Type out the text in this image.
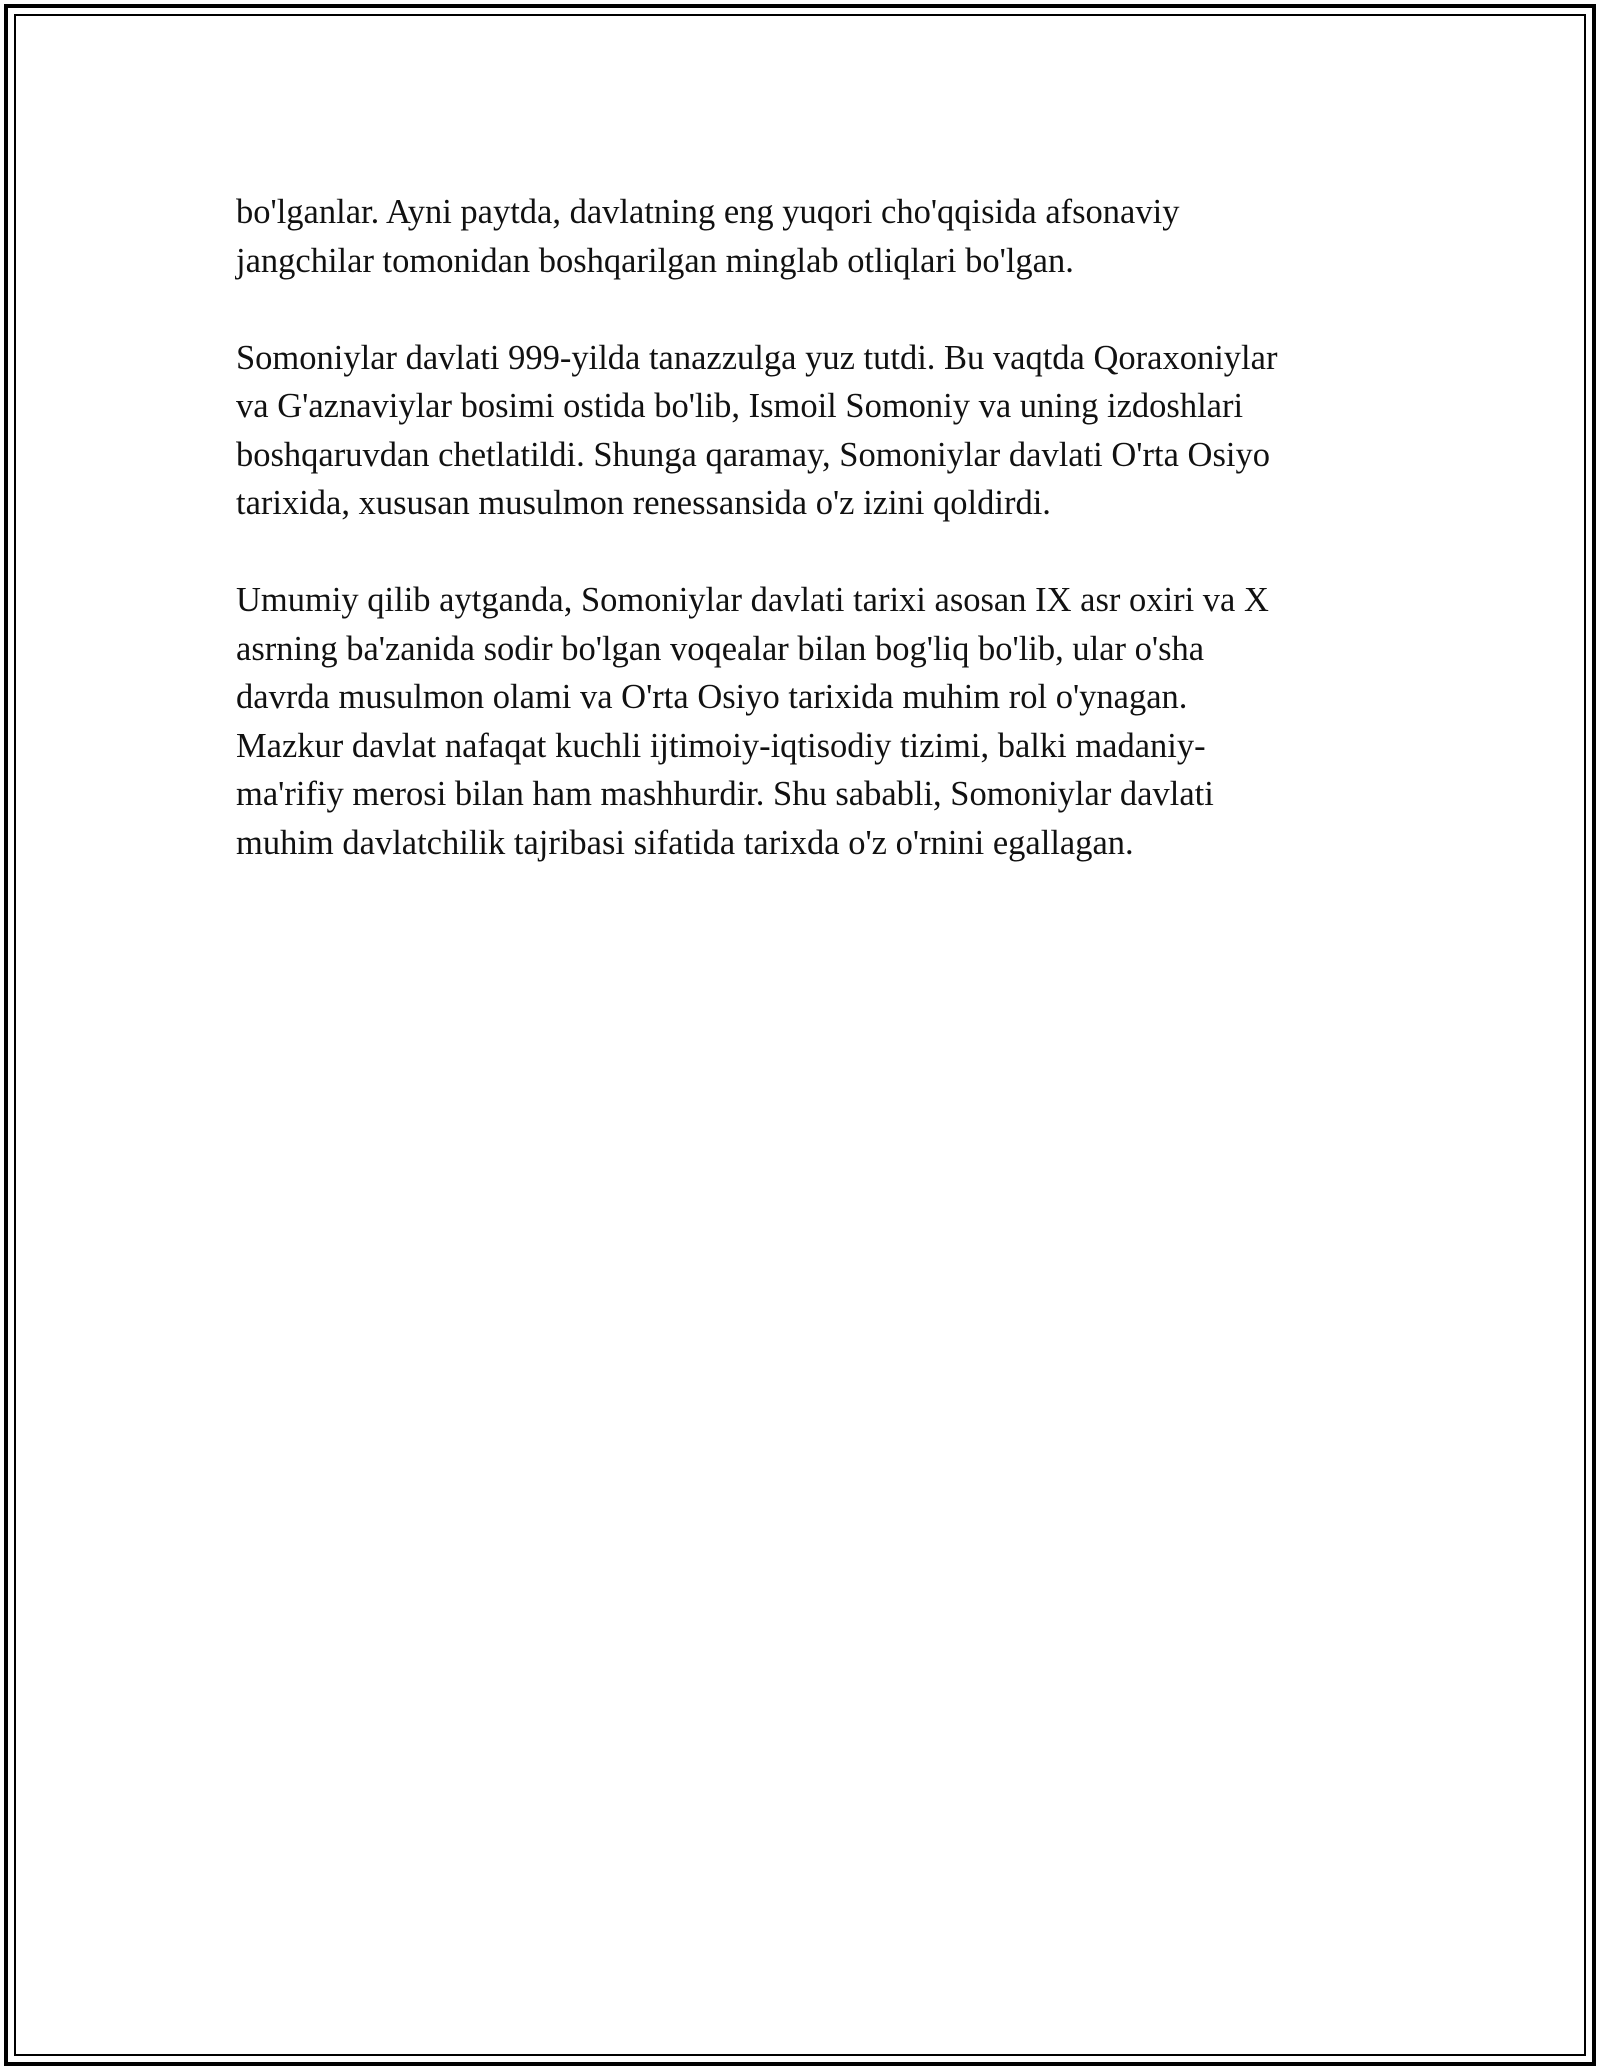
bo'lganlar. Ayni paytda, davlatning eng yuqori cho'qqisida afsonaviy
jangchilar tomonidan boshqarilgan minglab otliqlari bo'lgan.

Somoniylar davlati 999-yilda tanazzulga yuz tutdi. Bu vaqtda Qoraxoniylar
va G'aznaviylar bosimi ostida bo'lib, Ismoil Somoniy va uning izdoshlari
boshqaruvdan chetlatildi. Shunga qaramay, Somoniylar davlati O'rta Osiyo
tarixida, xususan musulmon renessansida o'z izini qoldirdi.

Umumiy qilib aytganda, Somoniylar davlati tarixi asosan IX asr oxiri va X
asrning ba'zanida sodir bo'lgan voqealar bilan bog'liq bo'lib, ular o'sha
davrda musulmon olami va O'rta Osiyo tarixida muhim rol o'ynagan.
Mazkur davlat nafaqat kuchli ijtimoiy-iqtisodiy tizimi, balki madaniy-
ma'rifiy merosi bilan ham mashhurdir. Shu sababli, Somoniylar davlati
muhim davlatchilik tajribasi sifatida tarixda o'z o'rnini egallagan.
